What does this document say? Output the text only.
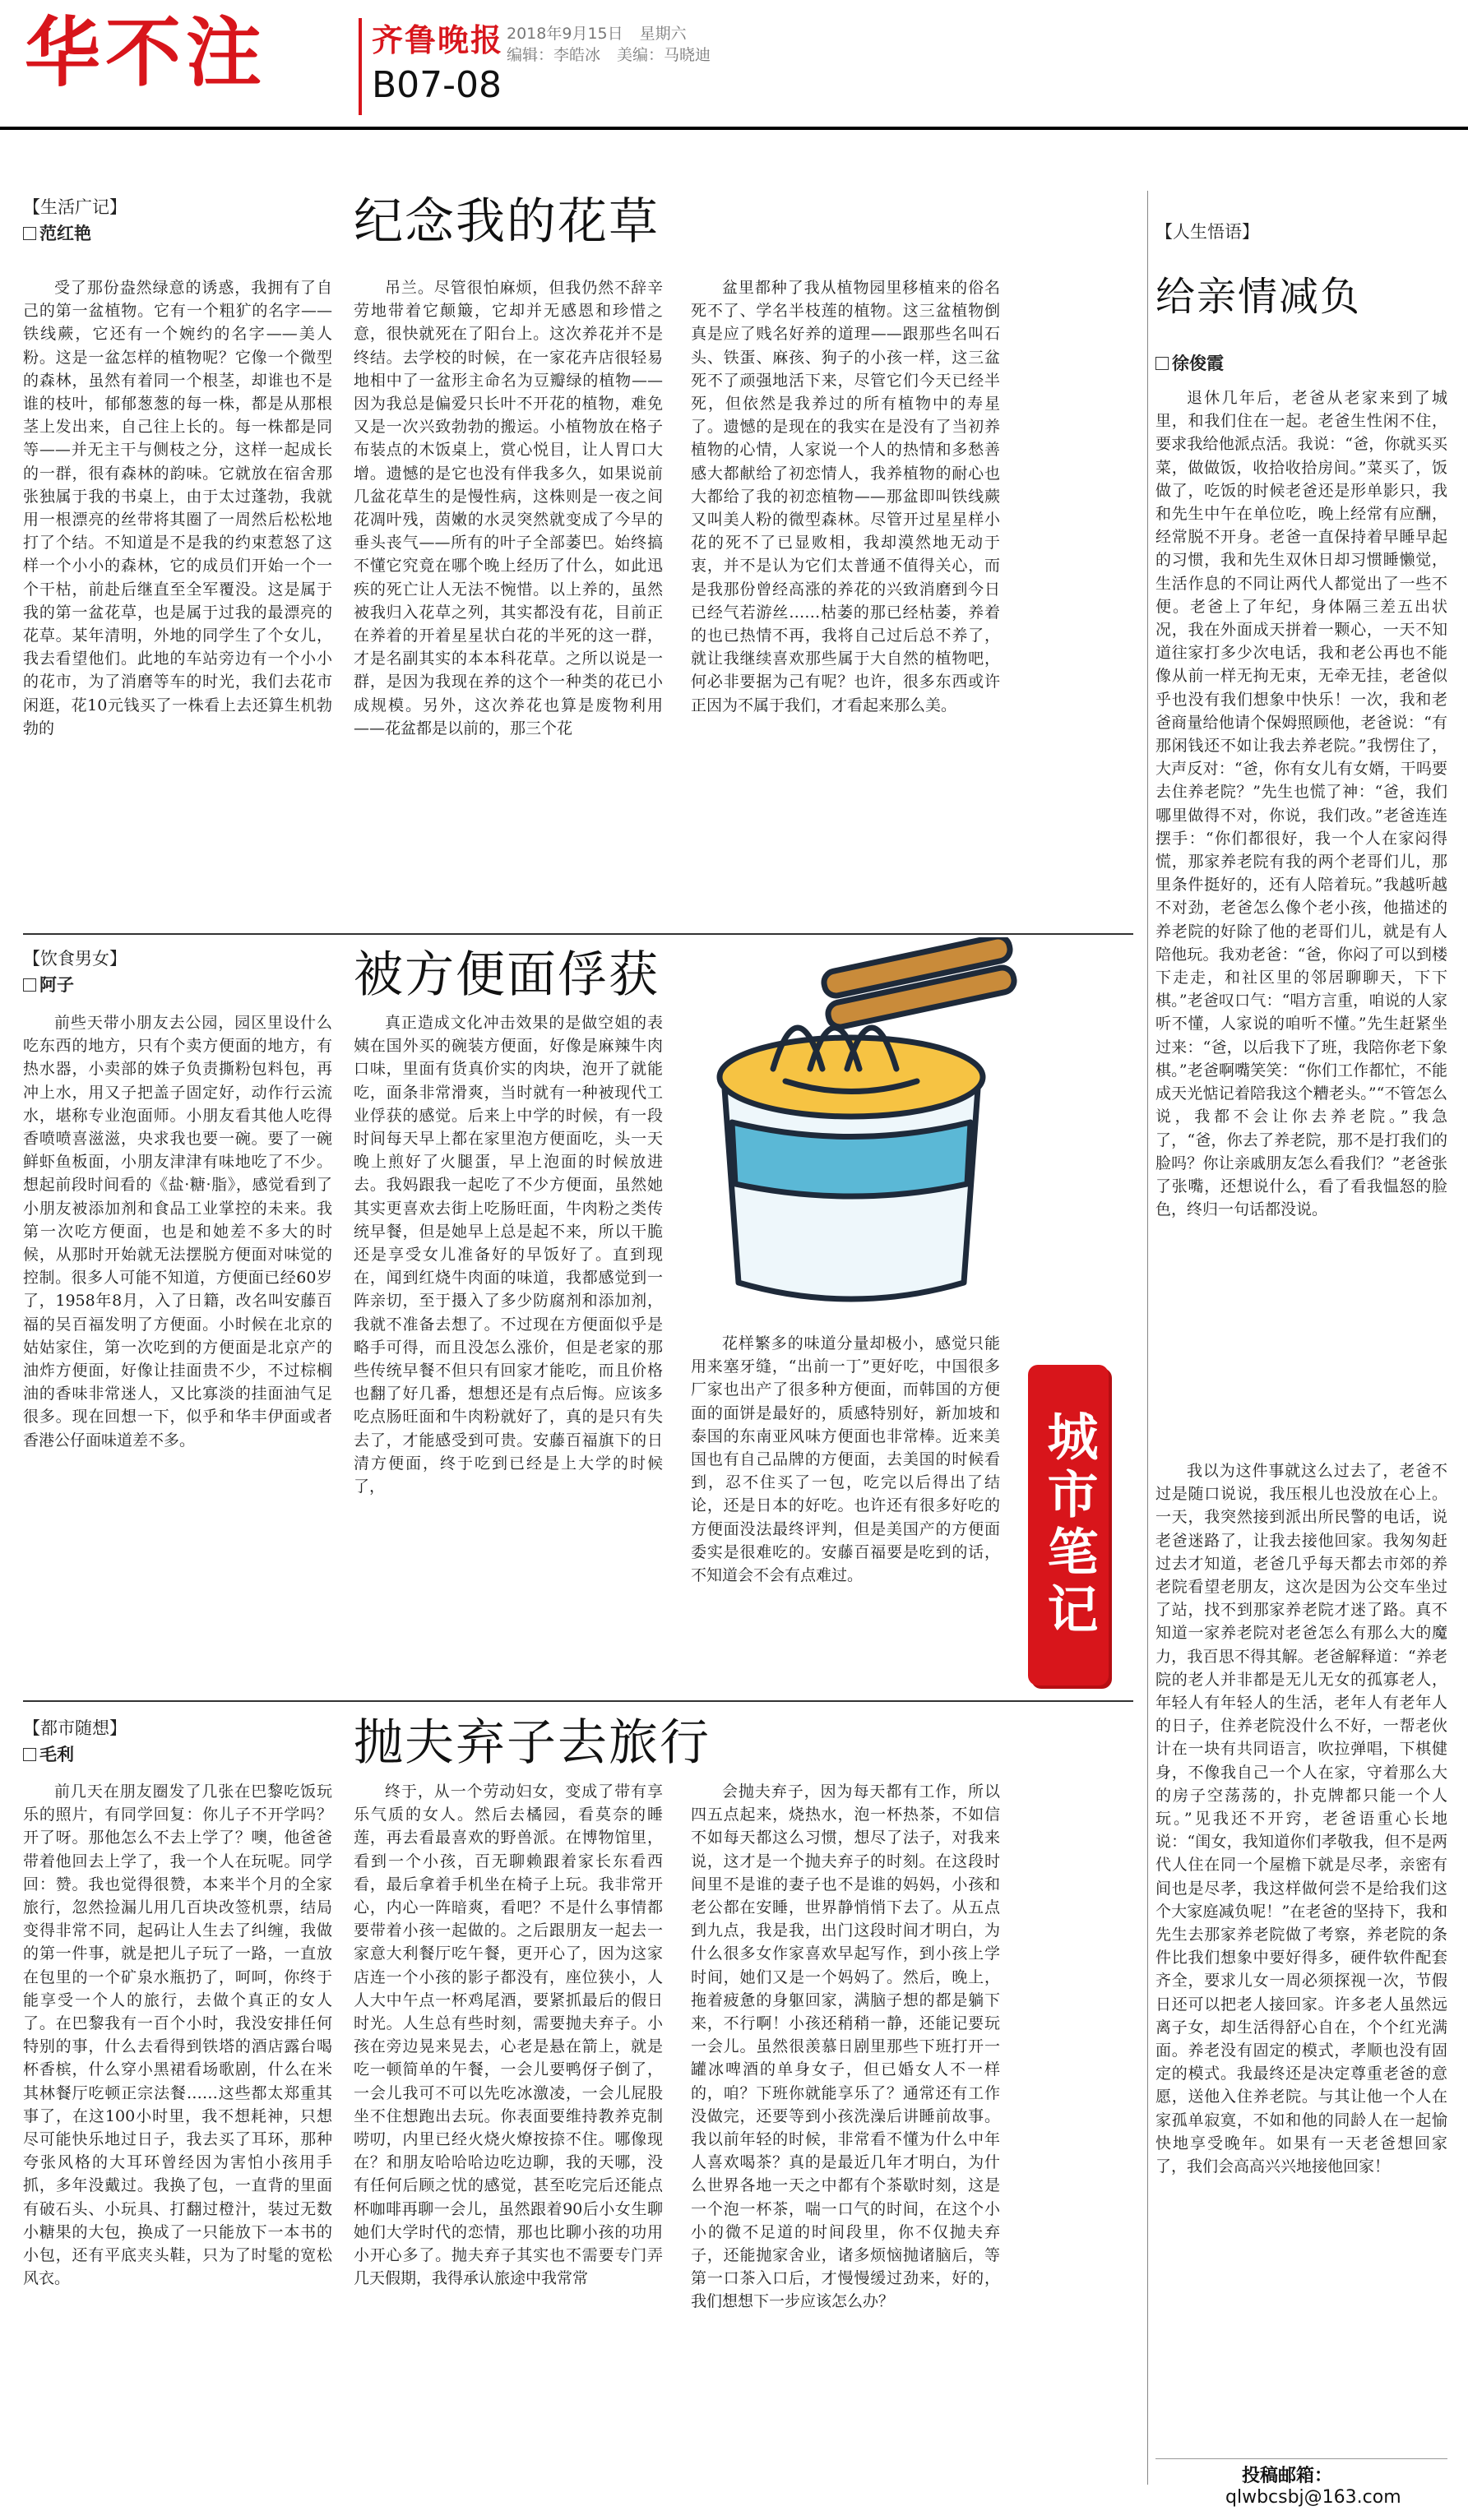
华不注	齐鲁晚报
B07-08
2018年9月15日 星期六
编辑：李皓冰 美编：马晓迪
【生活广记】
范红艳	纪念我的花草
受了那份盎然绿意的诱惑，我拥有了自己的第一盆植物。它有一个粗犷的名字——铁线蕨，它还有一个婉约的名字——美人粉。这是一盆怎样的植物呢？它像一个微型的森林，虽然有着同一个根茎，却谁也不是谁的枝叶，郁郁葱葱的每一株，都是从那根茎上发出来，自己往上长的。每一株都是同等——并无主干与侧枝之分，这样一起成长的一群，很有森林的韵味。它就放在宿舍那张独属于我的书桌上，由于太过蓬勃，我就用一根漂亮的丝带将其圈了一周然后松松地打了个结。不知道是不是我的约束惹怒了这样一个小小的森林，它的成员们开始一个一个干枯，前赴后继直至全军覆没。这是属于我的第一盆花草，也是属于过我的最漂亮的花草。某年清明，外地的同学生了个女儿，我去看望他们。此地的车站旁边有一个小小的花市，为了消磨等车的时光，我们去花市闲逛，花10元钱买了一株看上去还算生机勃勃的
吊兰。尽管很怕麻烦，但我仍然不辞辛劳地带着它颠簸，它却并无感恩和珍惜之意，很快就死在了阳台上。这次养花并不是终结。去学校的时候，在一家花卉店很轻易地相中了一盆形主命名为豆瓣绿的植物——因为我总是偏爱只长叶不开花的植物，难免又是一次兴致勃勃的搬运。小植物放在格子布装点的木饭桌上，赏心悦目，让人胃口大增。遗憾的是它也没有伴我多久，如果说前几盆花草生的是慢性病，这株则是一夜之间花凋叶残，茵嫩的水灵突然就变成了今早的垂头丧气——所有的叶子全部萎巴。始终搞不懂它究竟在哪个晚上经历了什么，如此迅疾的死亡让人无法不惋惜。以上养的，虽然被我归入花草之列，其实都没有花，目前正在养着的开着星星状白花的半死的这一群，才是名副其实的本本科花草。之所以说是一群，是因为我现在养的这个一种类的花已小成规模。另外，这次养花也算是废物利用——花盆都是以前的，那三个花
盆里都种了我从植物园里移植来的俗名死不了、学名半枝莲的植物。这三盆植物倒真是应了贱名好养的道理——跟那些名叫石头、铁蛋、麻孩、狗子的小孩一样，这三盆死不了顽强地活下来，尽管它们今天已经半死，但依然是我养过的所有植物中的寿星了。遗憾的是现在的我实在是没有了当初养植物的心情，人家说一个人的热情和多愁善感大都献给了初恋情人，我养植物的耐心也大都给了我的初恋植物——那盆即叫铁线蕨又叫美人粉的微型森林。尽管开过星星样小花的死不了已显败相，我却漠然地无动于衷，并不是认为它们太普通不值得关心，而是我那份曾经高涨的养花的兴致消磨到今日已经气若游丝……枯萎的那已经枯萎，养着的也已热情不再，我将自己过后总不养了，就让我继续喜欢那些属于大自然的植物吧，何必非要据为己有呢？也许，很多东西或许正因为不属于我们，才看起来那么美。
【饮食男女】
阿子	被方便面俘获
前些天带小朋友去公园，园区里设什么吃东西的地方，只有个卖方便面的地方，有热水器，小卖部的姝子负责撕粉包料包，再冲上水，用又子把盖子固定好，动作行云流水，堪称专业泡面师。小朋友看其他人吃得香喷喷喜滋滋，央求我也要一碗。要了一碗鲜虾鱼板面，小朋友津津有味地吃了不少。想起前段时间看的《盐·糖·脂》，感觉看到了小朋友被添加剂和食品工业掌控的未来。我第一次吃方便面，也是和她差不多大的时候，从那时开始就无法摆脱方便面对味觉的控制。很多人可能不知道，方便面已经60岁了，1958年8月，入了日籍，改名叫安藤百福的吴百福发明了方便面。小时候在北京的姑姑家住，第一次吃到的方便面是北京产的油炸方便面，好像让挂面贵不少，不过棕榈油的香味非常迷人，又比寡淡的挂面油气足很多。现在回想一下，似乎和华丰伊面或者香港公仔面味道差不多。
真正造成文化冲击效果的是做空姐的表姨在国外买的碗装方便面，好像是麻辣牛肉口味，里面有货真价实的肉块，泡开了就能吃，面条非常滑爽，当时就有一种被现代工业俘获的感觉。后来上中学的时候，有一段时间每天早上都在家里泡方便面吃，头一天晚上煎好了火腿蛋，早上泡面的时候放进去。我妈跟我一起吃了不少方便面，虽然她其实更喜欢去街上吃肠旺面，牛肉粉之类传统早餐，但是她早上总是起不来，所以干脆还是享受女儿准备好的早饭好了。直到现在，闻到红烧牛肉面的味道，我都感觉到一阵亲切，至于摄入了多少防腐剂和添加剂，我就不准备去想了。不过现在方便面似乎是略手可得，而且没怎么涨价，但是老家的那些传统早餐不但只有回家才能吃，而且价格也翻了好几番，想想还是有点后悔。应该多吃点肠旺面和牛肉粉就好了，真的是只有失去了，才能感受到可贵。安藤百福旗下的日清方便面，终于吃到已经是上大学的时候了，
花样繁多的味道分量却极小，感觉只能用来塞牙缝，“出前一丁”更好吃，中国很多厂家也出产了很多种方便面，而韩国的方便面的面饼是最好的，质感特别好，新加坡和泰国的东南亚风味方便面也非常棒。近来美国也有自己品牌的方便面，去美国的时候看到，忍不住买了一包，吃完以后得出了结论，还是日本的好吃。也许还有很多好吃的方便面没法最终评判，但是美国产的方便面委实是很难吃的。安藤百福要是吃到的话，不知道会不会有点难过。	城市笔记
【都市随想】
毛利	抛夫弃子去旅行
前几天在朋友圈发了几张在巴黎吃饭玩乐的照片，有同学回复：你儿子不开学吗？开了呀。那他怎么不去上学了？噢，他爸爸带着他回去上学了，我一个人在玩呢。同学回：赞。我也觉得很赞，本来半个月的全家旅行，忽然捡漏儿用几百块改签机票，结局变得非常不同，起码让人生去了纠缠，我做的第一件事，就是把儿子玩了一路，一直放在包里的一个矿泉水瓶扔了，呵呵，你终于能享受一个人的旅行，去做个真正的女人了。在巴黎我有一百个小时，我没安排任何特别的事，什么去看得到铁塔的酒店露台喝杯香槟，什么穿小黑裙看场歌剧，什么在米其林餐厅吃顿正宗法餐……这些都太郑重其事了，在这100小时里，我不想耗神，只想尽可能快乐地过日子，我去买了耳环，那种夸张风格的大耳环曾经因为害怕小孩用手抓，多年没戴过。我换了包，一直背的里面有破石头、小玩具、打翻过橙汁，装过无数小糖果的大包，换成了一只能放下一本书的小包，还有平底夹头鞋，只为了时髦的宽松风衣。
终于，从一个劳动妇女，变成了带有享乐气质的女人。然后去橘园，看莫奈的睡莲，再去看最喜欢的野兽派。在博物馆里，看到一个小孩，百无聊赖跟着家长东看西看，最后拿着手机坐在椅子上玩。我非常开心，内心一阵暗爽，看吧？不是什么事情都要带着小孩一起做的。之后跟朋友一起去一家意大利餐厅吃午餐，更开心了，因为这家店连一个小孩的影子都没有，座位狭小，人人大中午点一杯鸡尾酒，要紧抓最后的假日时光。人生总有些时刻，需要抛夫弃子。小孩在旁边晃来晃去，心老是悬在箭上，就是吃一顿简单的午餐，一会儿要鸭伢子倒了，一会儿我可不可以先吃冰激凌，一会儿屁股坐不住想跑出去玩。你表面要维持教养克制唠叨，内里已经火烧火燎按捺不住。哪像现在？和朋友哈哈哈边吃边聊，我的天哪，没有任何后顾之忧的感觉，甚至吃完后还能点杯咖啡再聊一会儿，虽然跟着90后小女生聊她们大学时代的恋情，那也比聊小孩的功用小开心多了。抛夫弃子其实也不需要专门弄几天假期，我得承认旅途中我常常
会抛夫弃子，因为每天都有工作，所以四五点起来，烧热水，泡一杯热茶，不如信不如每天都这么习惯，想尽了法子，对我来说，这才是一个抛夫弃子的时刻。在这段时间里不是谁的妻子也不是谁的妈妈，小孩和老公都在安睡，世界静悄悄下去了。从五点到九点，我是我，出门这段时间才明白，为什么很多女作家喜欢早起写作，到小孩上学时间，她们又是一个妈妈了。然后，晚上，拖着疲惫的身躯回家，满脑子想的都是躺下来，不行啊！小孩还稍稍一静，还能记要玩一会儿。虽然很羡慕日剧里那些下班打开一罐冰啤酒的单身女子，但已婚女人不一样的，咱？下班你就能享乐了？通常还有工作没做完，还要等到小孩洗澡后讲睡前故事。我以前年轻的时候，非常看不懂为什么中年人喜欢喝茶？真的是最近几年才明白，为什么世界各地一天之中都有个茶歇时刻，这是一个泡一杯茶，喘一口气的时间，在这个小小的微不足道的时间段里，你不仅抛夫弃子，还能抛家舍业，诸多烦恼抛诸脑后，等第一口茶入口后，才慢慢缓过劲来，好的，我们想想下一步应该怎么办？
【人生悟语】
给亲情减负
徐俊霞
退休几年后，老爸从老家来到了城里，和我们住在一起。老爸生性闲不住，要求我给他派点活。我说：“爸，你就买买菜，做做饭，收拾收拾房间。”菜买了，饭做了，吃饭的时候老爸还是形单影只，我和先生中午在单位吃，晚上经常有应酬，经常脱不开身。老爸一直保持着早睡早起的习惯，我和先生双休日却习惯睡懒觉，生活作息的不同让两代人都觉出了一些不便。老爸上了年纪，身体隔三差五出状况，我在外面成天拼着一颗心，一天不知道往家打多少次电话，我和老公再也不能像从前一样无拘无束，无牵无挂，老爸似乎也没有我们想象中快乐！一次，我和老爸商量给他请个保姆照顾他，老爸说：“有那闲钱还不如让我去养老院。”我愣住了，大声反对：“爸，你有女儿有女婿，干吗要去住养老院？”先生也慌了神：“爸，我们哪里做得不对，你说，我们改。”老爸连连摆手：“你们都很好，我一个人在家闷得慌，那家养老院有我的两个老哥们儿，那里条件挺好的，还有人陪着玩。”我越听越不对劲，老爸怎么像个老小孩，他描述的养老院的好除了他的老哥们儿，就是有人陪他玩。我劝老爸：“爸，你闷了可以到楼下走走，和社区里的邻居聊聊天，下下棋。”老爸叹口气：“唱方言重，咱说的人家听不懂，人家说的咱听不懂。”先生赶紧坐过来：“爸，以后我下了班，我陪你老下象棋。”老爸啊嘴笑笑：“你们工作都忙，不能成天光惦记着陪我这个糟老头。”“不管怎么说，我都不会让你去养老院。”我急了，“爸，你去了养老院，那不是打我们的脸吗？你让亲戚朋友怎么看我们？”老爸张了张嘴，还想说什么，看了看我愠怒的脸色，终归一句话都没说。
我以为这件事就这么过去了，老爸不过是随口说说，我压根儿也没放在心上。一天，我突然接到派出所民警的电话，说老爸迷路了，让我去接他回家。我匆匆赶过去才知道，老爸几乎每天都去市郊的养老院看望老朋友，这次是因为公交车坐过了站，找不到那家养老院才迷了路。真不知道一家养老院对老爸怎么有那么大的魔力，我百思不得其解。老爸解释道：“养老院的老人并非都是无儿无女的孤寡老人，年轻人有年轻人的生活，老年人有老年人的日子，住养老院没什么不好，一帮老伙计在一块有共同语言，吹拉弹唱，下棋健身，不像我自己一个人在家，守着那么大的房子空荡荡的，扑克牌都只能一个人玩。”见我还不开窍，老爸语重心长地说：“闺女，我知道你们孝敬我，但不是两代人住在同一个屋檐下就是尽孝，亲密有间也是尽孝，我这样做何尝不是给我们这个大家庭减负呢！”在老爸的坚持下，我和先生去那家养老院做了考察，养老院的条件比我们想象中要好得多，硬件软件配套齐全，要求儿女一周必须探视一次，节假日还可以把老人接回家。许多老人虽然远离子女，却生活得舒心自在，个个红光满面。养老没有固定的模式，孝顺也没有固定的模式。我最终还是决定尊重老爸的意愿，送他入住养老院。与其让他一个人在家孤单寂寞，不如和他的同龄人在一起愉快地享受晚年。如果有一天老爸想回家了，我们会高高兴兴地接他回家！
投稿邮箱：
qlwbcsbj@163.com
